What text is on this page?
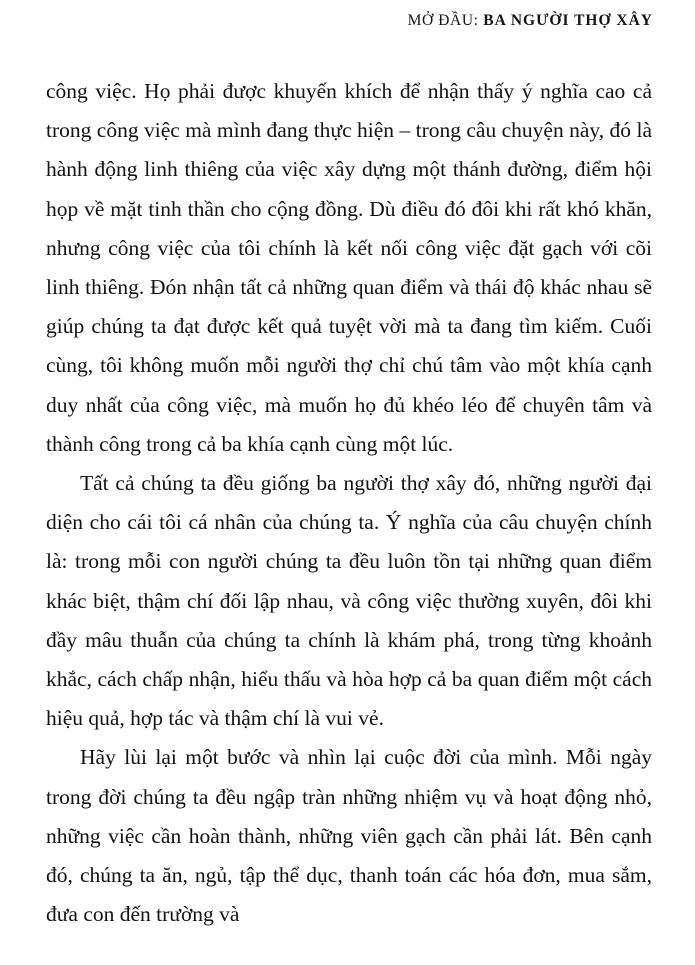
MỞ ĐẦU: BA NGƯỜI THỢ XÂY

công việc. Họ phải được khuyến khích để nhận thấy ý nghĩa cao cả trong công việc mà mình đang thực hiện – trong câu chuyện này, đó là hành động linh thiêng của việc xây dựng một thánh đường, điểm hội họp về mặt tinh thần cho cộng đồng. Dù điều đó đôi khi rất khó khăn, nhưng công việc của tôi chính là kết nối công việc đặt gạch với cõi linh thiêng. Đón nhận tất cả những quan điểm và thái độ khác nhau sẽ giúp chúng ta đạt được kết quả tuyệt vời mà ta đang tìm kiếm. Cuối cùng, tôi không muốn mỗi người thợ chỉ chú tâm vào một khía cạnh duy nhất của công việc, mà muốn họ đủ khéo léo để chuyên tâm và thành công trong cả ba khía cạnh cùng một lúc.

Tất cả chúng ta đều giống ba người thợ xây đó, những người đại diện cho cái tôi cá nhân của chúng ta. Ý nghĩa của câu chuyện chính là: trong mỗi con người chúng ta đều luôn tồn tại những quan điểm khác biệt, thậm chí đối lập nhau, và công việc thường xuyên, đôi khi đầy mâu thuẫn của chúng ta chính là khám phá, trong từng khoảnh khắc, cách chấp nhận, hiểu thấu và hòa hợp cả ba quan điểm một cách hiệu quả, hợp tác và thậm chí là vui vẻ.

Hãy lùi lại một bước và nhìn lại cuộc đời của mình. Mỗi ngày trong đời chúng ta đều ngập tràn những nhiệm vụ và hoạt động nhỏ, những việc cần hoàn thành, những viên gạch cần phải lát. Bên cạnh đó, chúng ta ăn, ngủ, tập thể dục, thanh toán các hóa đơn, mua sắm, đưa con đến trường và
